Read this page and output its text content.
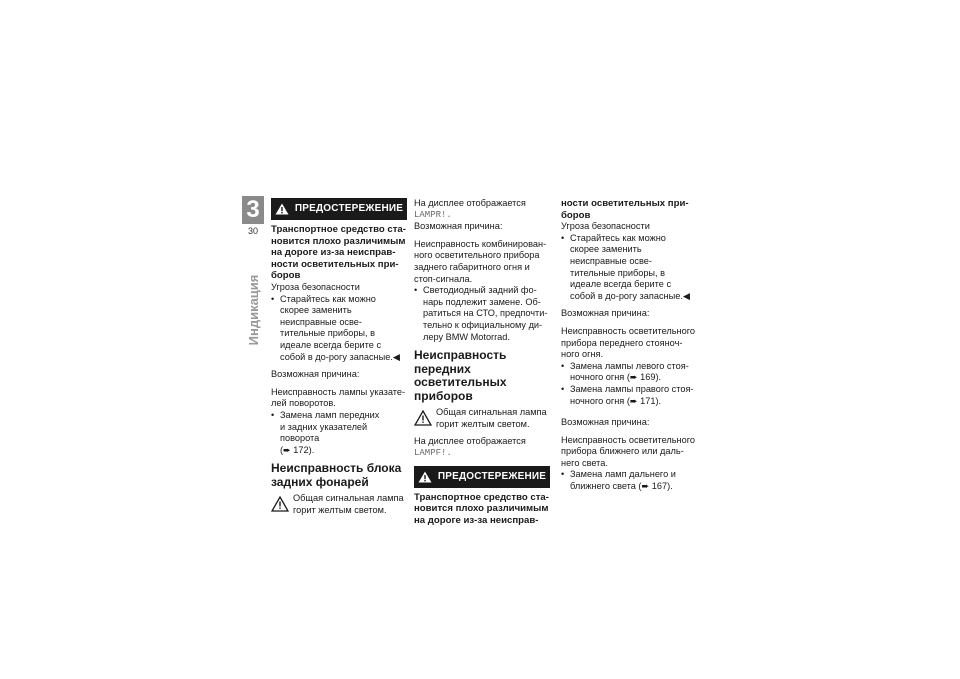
3
30
Индикация
ПРЕДОСТЕРЕЖЕНИЕ

Транспортное средство ста-новится плохо различимым на дороге из-за неисправ-ности осветительных при-боров

Угроза безопасности

• Старайтесь как можно скорее заменить неисправные осве-тительные приборы, в идеале всегда берите с собой в до-рогу запасные.◀

Возможная причина:

Неисправность лампы указате-лей поворотов.

• Замена ламп передних

и задних указателей поворота

(➨ 172).

Неисправность блока задних фонарей

Общая сигнальная лампа горит желтым светом.

На дисплее отображается

LAMPR!.

Возможная причина:

Неисправность комбинирован-ного осветительного прибора заднего габаритного огня и стоп-сигнала.

• Светодиодный задний фо-нарь подлежит замене. Об-ратиться на СТО, предпочти-тельно к официальному ди-леру BMW Motorrad.

Неисправность передних осветительных приборов

Общая сигнальная лампа горит желтым светом.

На дисплее отображается

LAMPF!.

ПРЕДОСТЕРЕЖЕНИЕ

Транспортное средство ста-новится плохо различимым на дороге из-за неисправ-

ности осветительных при-боров

Угроза безопасности

• Старайтесь как можно скорее заменить неисправные осве-тительные приборы, в идеале всегда берите с собой в до-рогу запасные.◀

Возможная причина:

Неисправность осветительного прибора переднего стояноч-ного огня.

• Замена лампы левого стоя-ночного огня (➨ 169).

• Замена лампы правого стоя-ночного огня (➨ 171).

Возможная причина:

Неисправность осветительного прибора ближнего или даль-него света.

• Замена ламп дальнего и ближнего света (➨ 167).
